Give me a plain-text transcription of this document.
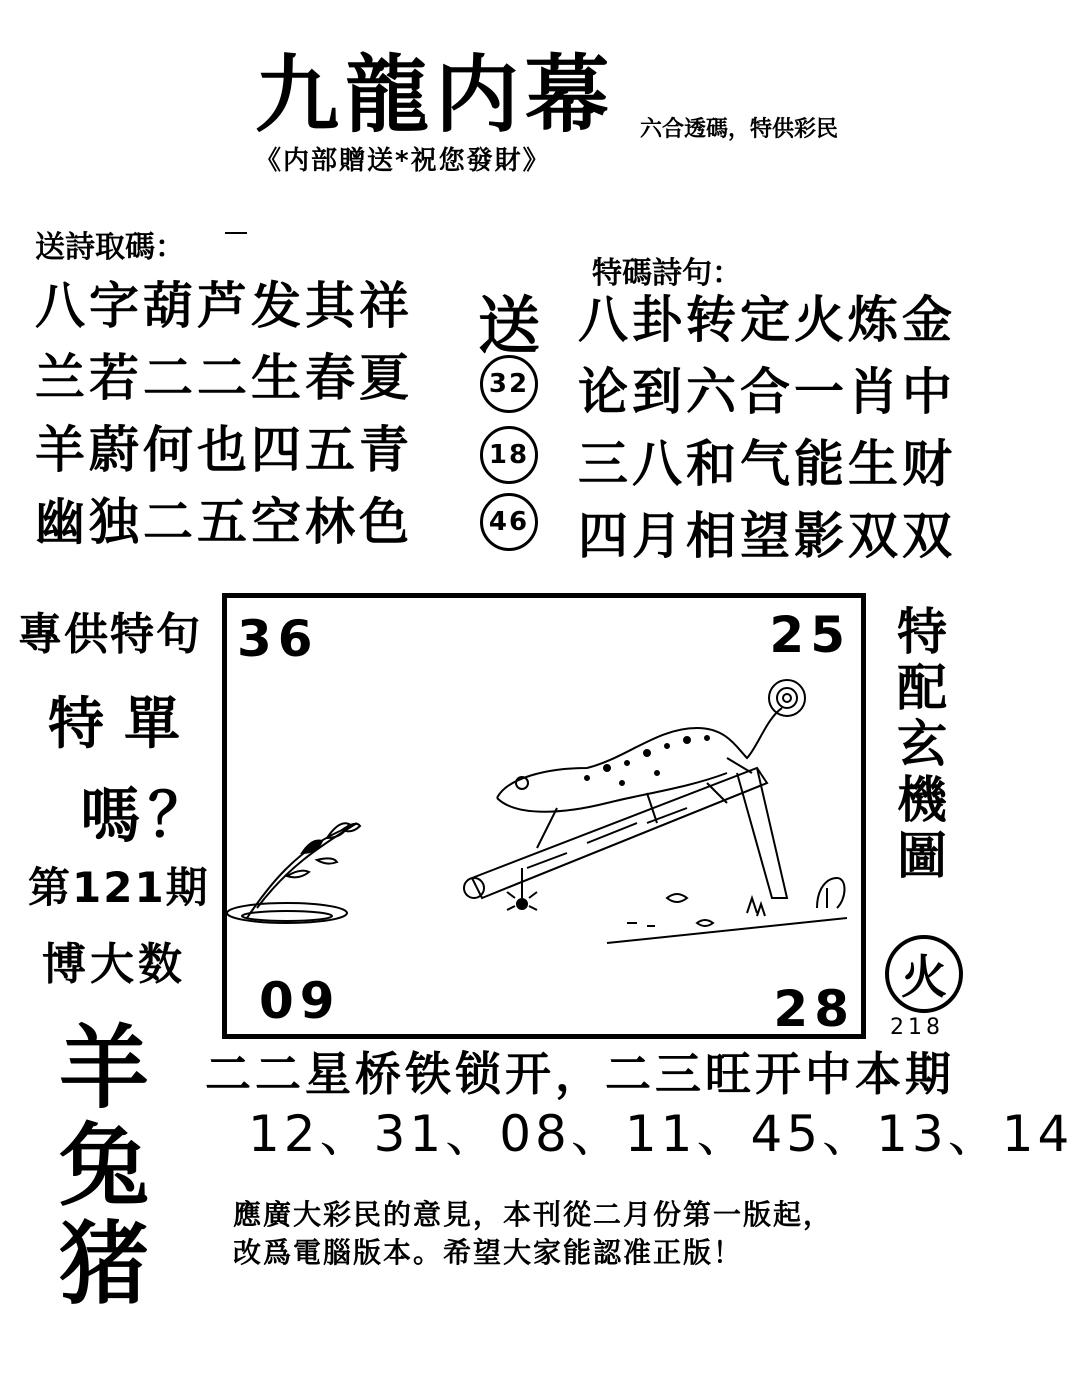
九龍内幕 六合透碼，特供彩民
《内部贈送*祝您發財》
送詩取碼：
八字葫芦发其祥
兰若二二生春夏
羊蔚何也四五青
幽独二五空林色
送
32
18
46
特碼詩句：
八卦转定火炼金
论到六合一肖中
三八和气能生财
四月相望影双双
專供特句
特單
嗎？
第121期
博大数
羊兔猪
36	25
09	28
特配玄機圖
火
218
二二星桥铁锁开，二三旺开中本期
12、31、08、11、45、13、14
應廣大彩民的意見，本刊從二月份第一版起，
改爲電腦版本。希望大家能認准正版！
